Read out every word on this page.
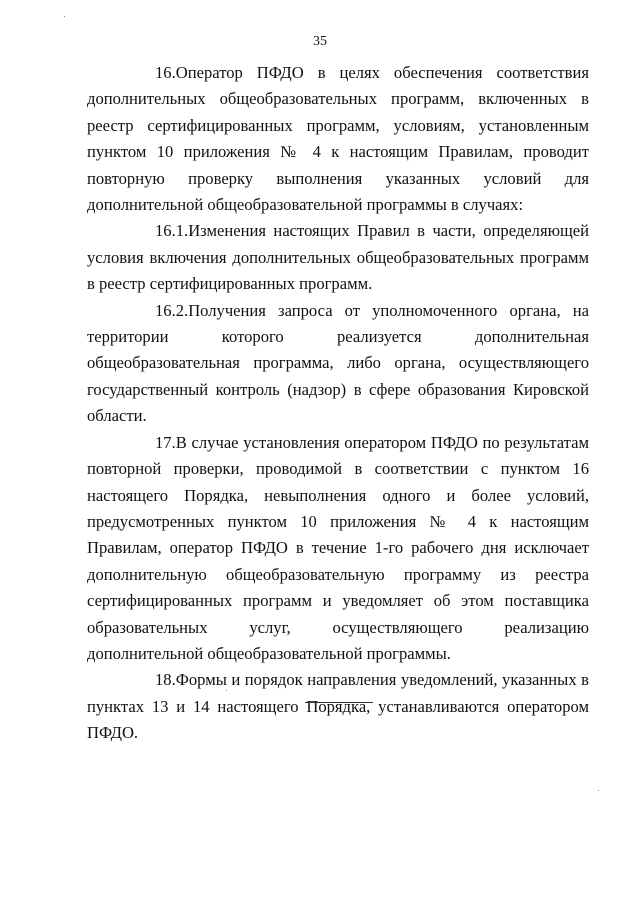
35

16.Оператор ПФДО в целях обеспечения соответствия дополнительных общеобразовательных программ, включенных в реестр сертифицированных программ, условиям, установленным пунктом 10 приложения № 4 к настоящим Правилам, проводит повторную проверку выполнения указанных условий для дополнительной общеобразовательной программы в случаях:

16.1.Изменения настоящих Правил в части, определяющей условия включения дополнительных общеобразовательных программ в реестр сертифицированных программ.

16.2.Получения запроса от уполномоченного органа, на территории которого реализуется дополнительная общеобразовательная программа, либо органа, осуществляющего государственный контроль (надзор) в сфере образования Кировской области.

17.В случае установления оператором ПФДО по результатам повторной проверки, проводимой в соответствии с пунктом 16 настоящего Порядка, невыполнения одного и более условий, предусмотренных пунктом 10 приложения № 4 к настоящим Правилам, оператор ПФДО в течение 1-го рабочего дня исключает дополнительную общеобразовательную программу из реестра сертифицированных программ и уведомляет об этом поставщика образовательных услуг, осуществляющего реализацию дополнительной общеобразовательной программы.

18.Формы и порядок направления уведомлений, указанных в пунктах 13 и 14 настоящего Порядка, устанавливаются оператором ПФДО.
